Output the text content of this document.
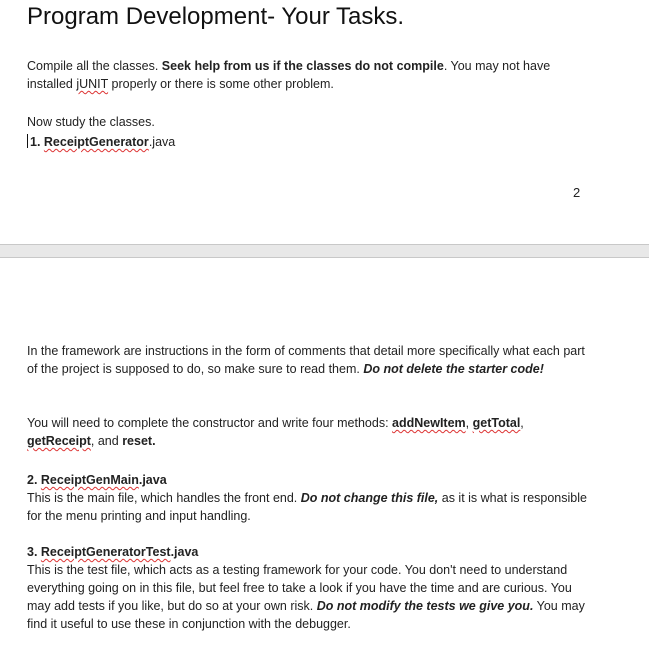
Program Development- Your Tasks.
Compile all the classes. Seek help from us if the classes do not compile. You may not have installed jUNIT properly or there is some other problem.
Now study the classes.
1. ReceiptGenerator.java
2
In the framework are instructions in the form of comments that detail more specifically what each part of the project is supposed to do, so make sure to read them. Do not delete the starter code!
You will need to complete the constructor and write four methods: addNewItem, getTotal, getReceipt, and reset.
2. ReceiptGenMain.java
This is the main file, which handles the front end. Do not change this file, as it is what is responsible for the menu printing and input handling.
3. ReceiptGeneratorTest.java
This is the test file, which acts as a testing framework for your code. You don't need to understand everything going on in this file, but feel free to take a look if you have the time and are curious. You may add tests if you like, but do so at your own risk. Do not modify the tests we give you. You may find it useful to use these in conjunction with the debugger.
